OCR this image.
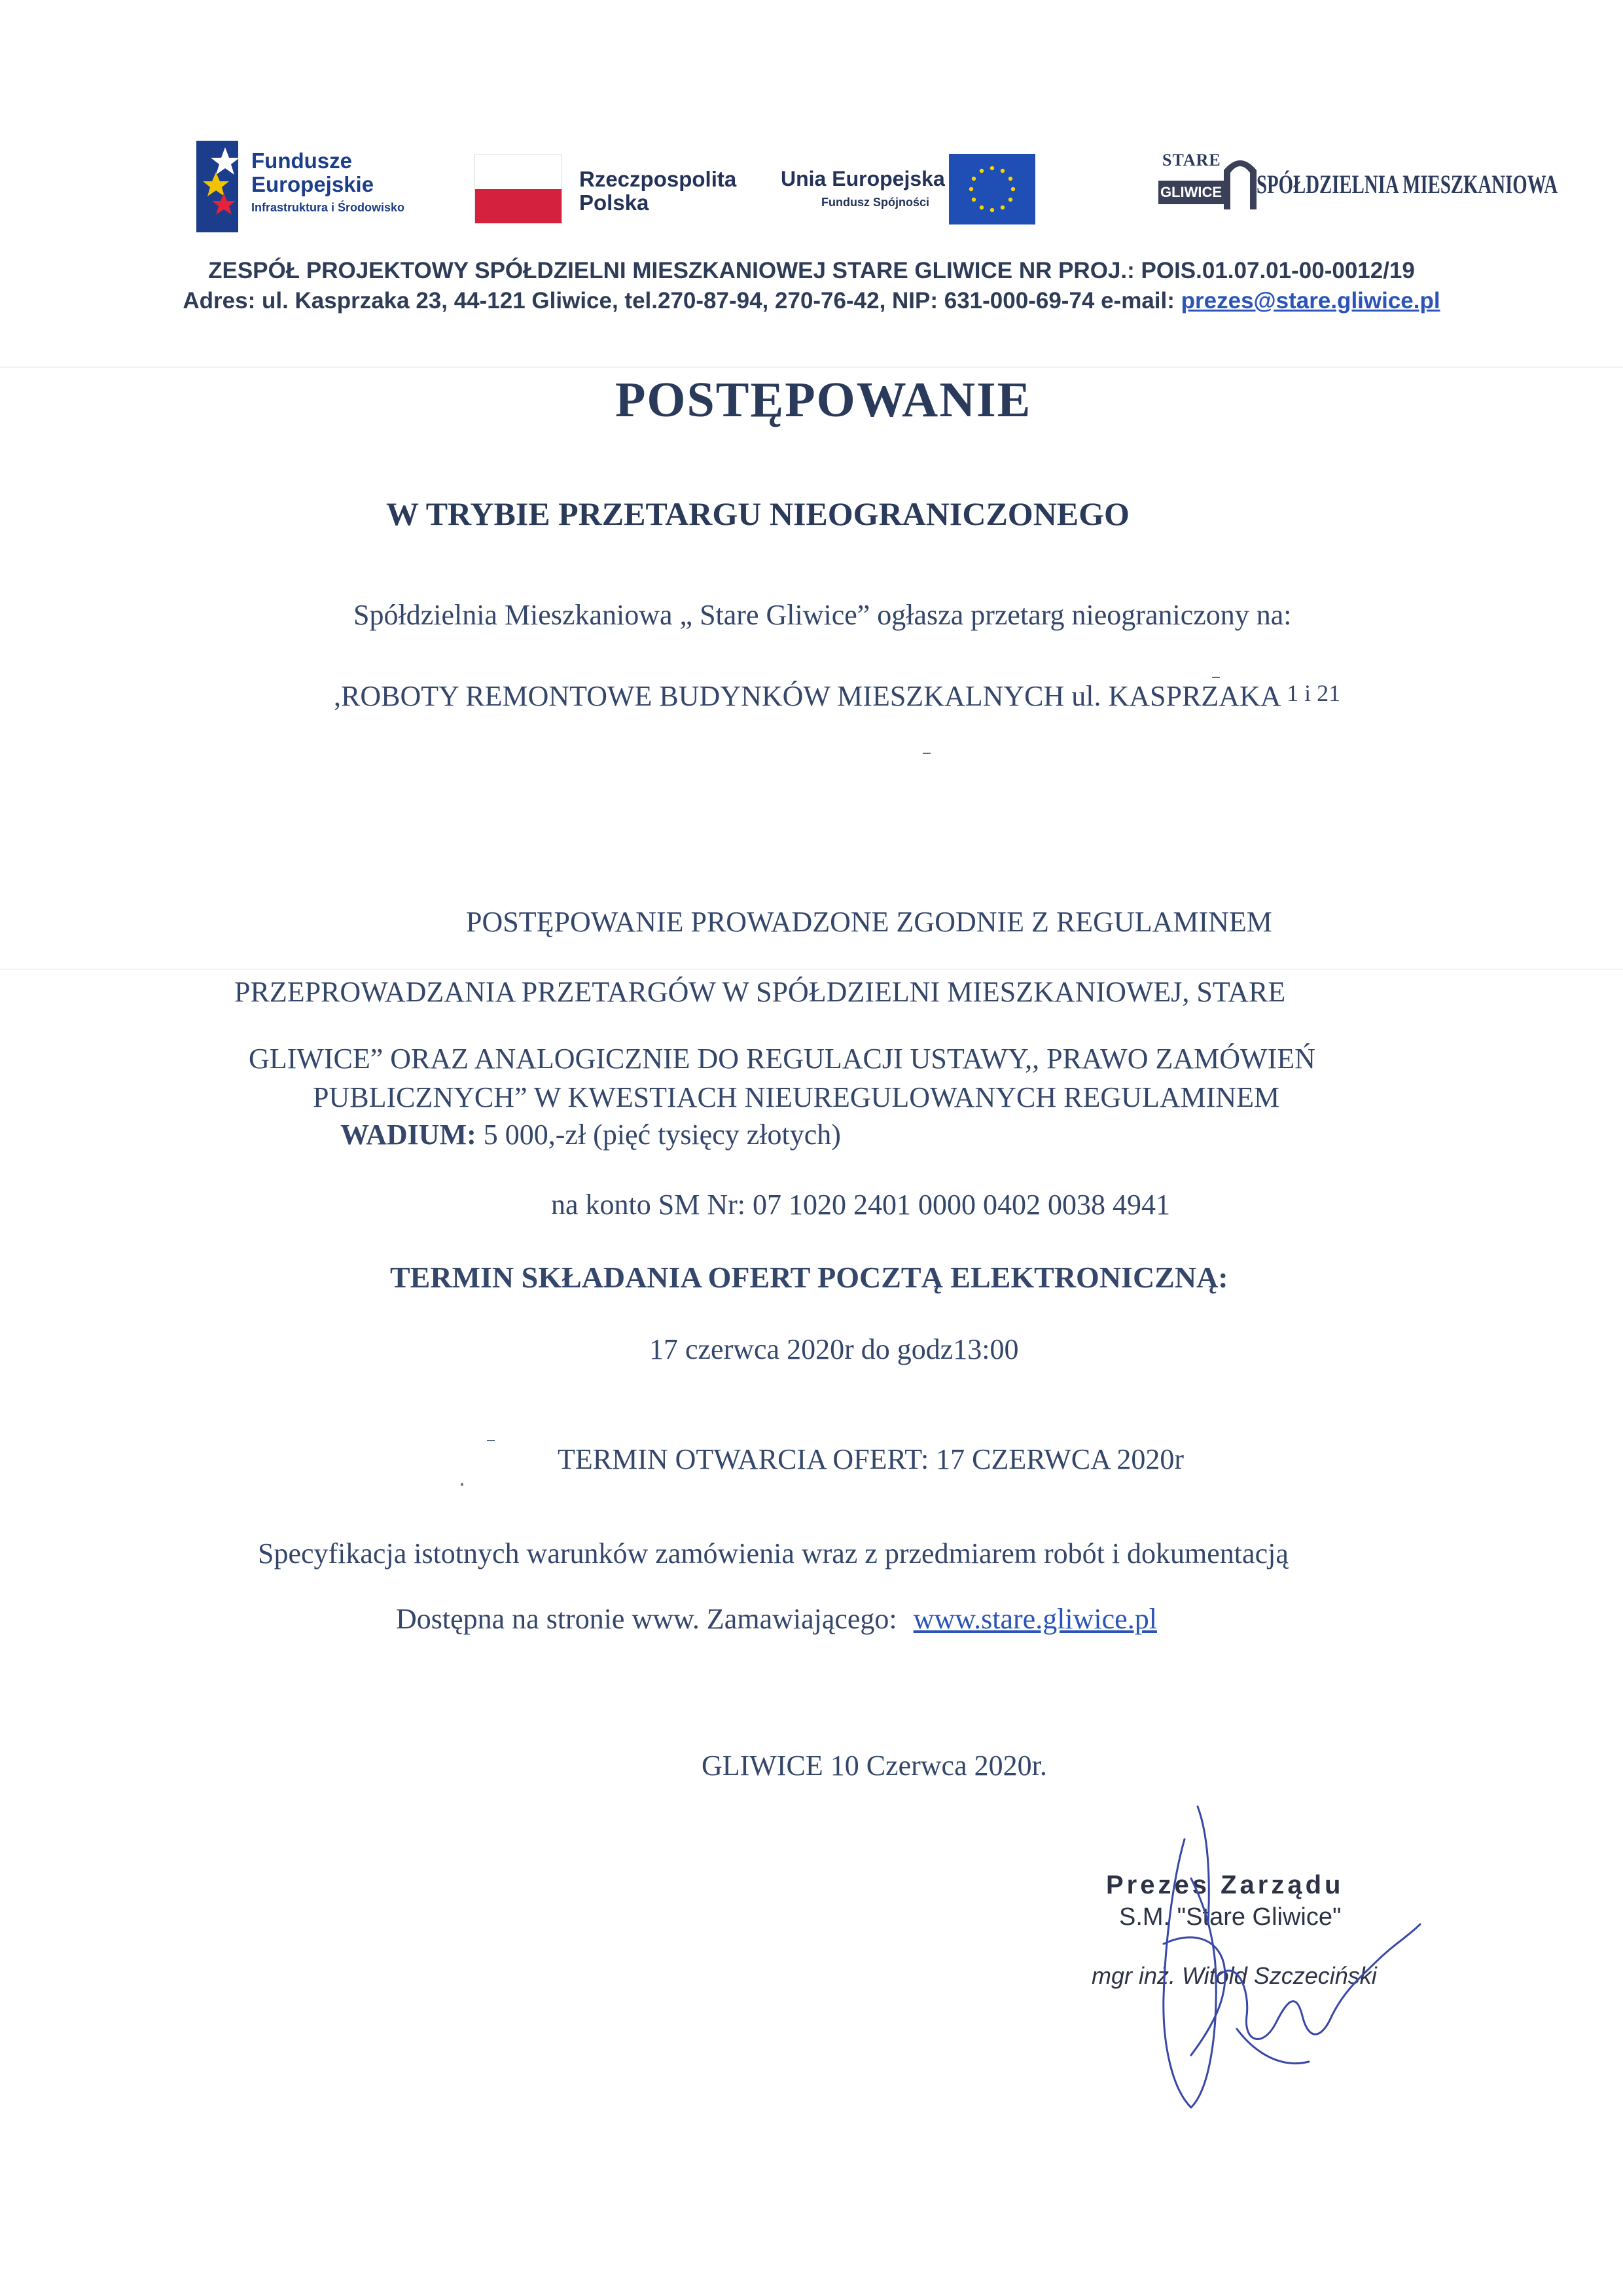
Fundusze
Europejskie
Infrastruktura i Środowisko
Rzeczpospolita
Polska
Unia Europejska
Fundusz Spójności
STARE
GLIWICE SPÓŁDZIELNIA MIESZKANIOWA
ZESPÓŁ PROJEKTOWY SPÓŁDZIELNI MIESZKANIOWEJ STARE GLIWICE NR PROJ.: POIS.01.07.01-00-0012/19
Adres: ul. Kasprzaka 23, 44-121 Gliwice, tel.270-87-94, 270-76-42, NIP: 631-000-69-74 e-mail: prezes@stare.gliwice.pl
POSTĘPOWANIE
W TRYBIE PRZETARGU NIEOGRANICZONEGO
Spółdzielnia Mieszkaniowa „ Stare Gliwice” ogłasza przetarg nieograniczony na:
,ROBOTY REMONTOWE BUDYNKÓW MIESZKALNYCH ul. KASPRZAKA 1 i 21
POSTĘPOWANIE PROWADZONE ZGODNIE Z REGULAMINEM
PRZEPROWADZANIA PRZETARGÓW W SPÓŁDZIELNI MIESZKANIOWEJ, STARE
GLIWICE” ORAZ ANALOGICZNIE DO REGULACJI USTAWY,, PRAWO ZAMÓWIEŃ
PUBLICZNYCH” W KWESTIACH NIEUREGULOWANYCH REGULAMINEM
WADIUM: 5 000,-zł (pięć tysięcy złotych)
na konto SM Nr: 07 1020 2401 0000 0402 0038 4941
TERMIN SKŁADANIA OFERT POCZTĄ ELEKTRONICZNĄ:
17 czerwca 2020r do godz13:00
TERMIN OTWARCIA OFERT: 17 CZERWCA 2020r
Specyfikacja istotnych warunków zamówienia wraz z przedmiarem robót i dokumentacją
Dostępna na stronie www. Zamawiającego: www.stare.gliwice.pl
GLIWICE 10 Czerwca 2020r.
Prezes Zarządu
S.M. "Stare Gliwice"
mgr inż. Witold Szczeciński
